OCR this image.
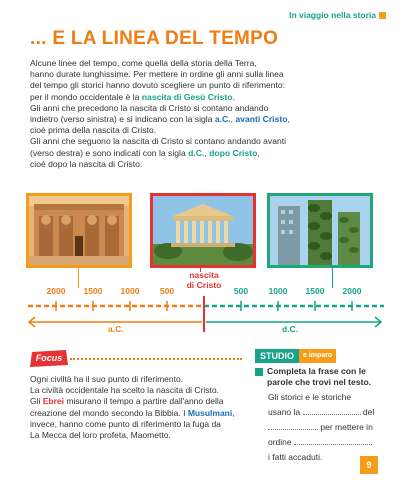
In viaggio nella storia
... E LA LINEA DEL TEMPO

Alcune linee del tempo, come quella della storia della Terra,
hanno durate lunghissime. Per mettere in ordine gli anni sulla linea
del tempo gli storici hanno dovuto scegliere un punto di riferimento:
per il mondo occidentale è la nascita di Gesù Cristo.
Gli anni che precedono la nascita di Cristo si contano andando
indietro (verso sinistra) e si indicano con la sigla a.C., avanti Cristo,
cioè prima della nascita di Cristo.
Gli anni che seguono la nascita di Cristo si contano andando avanti
(verso destra) e sono indicati con la sigla d.C., dopo Cristo,
cioè dopo la nascita di Cristo.

nascita
di Cristo
2000 1500 1000 500	500 1000 1500 2000
a.C.	d.C.
Focus

Ogni civiltà ha il suo punto di riferimento.
La civiltà occidentale ha scelto la nascita di Cristo.
Gli Ebrei misurano il tempo a partire dall'anno della
creazione del mondo secondo la Bibbia. I Musulmani,
invece, hanno come punto di riferimento la fuga da
La Mecca del loro profeta, Maometto.

STUDIO	e imparo
Completa la frase con le parole che trovi nel testo.
Gli storici e le storiche
usano la	del
per mettere in
ordine
i fatti accaduti.
9
